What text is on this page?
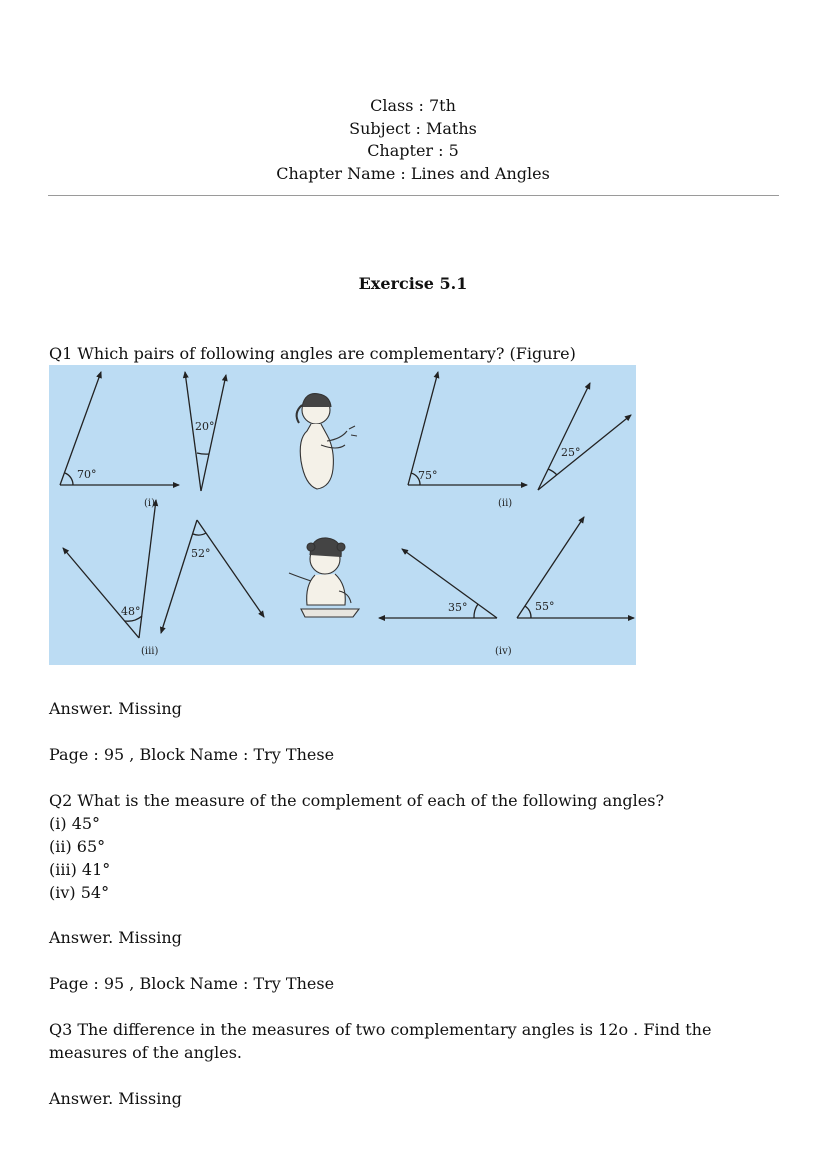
Class : 7th
Subject : Maths
Chapter : 5
Chapter Name : Lines and Angles
Exercise 5.1
Q1 Which pairs of following angles are complementary? (Figure)
70°
20°
75°
25°
48°
52°
35°	55°
(i)	(ii)
(iii)	(iv)
Answer. Missing
Page : 95 , Block Name : Try These
Q2 What is the measure of the complement of each of the following angles?
(i) 45°
(ii) 65°
(iii) 41°
(iv) 54°
Answer. Missing
Page : 95 , Block Name : Try These
Q3 The difference in the measures of two complementary angles is 12o . Find the measures of the angles.
Answer. Missing
